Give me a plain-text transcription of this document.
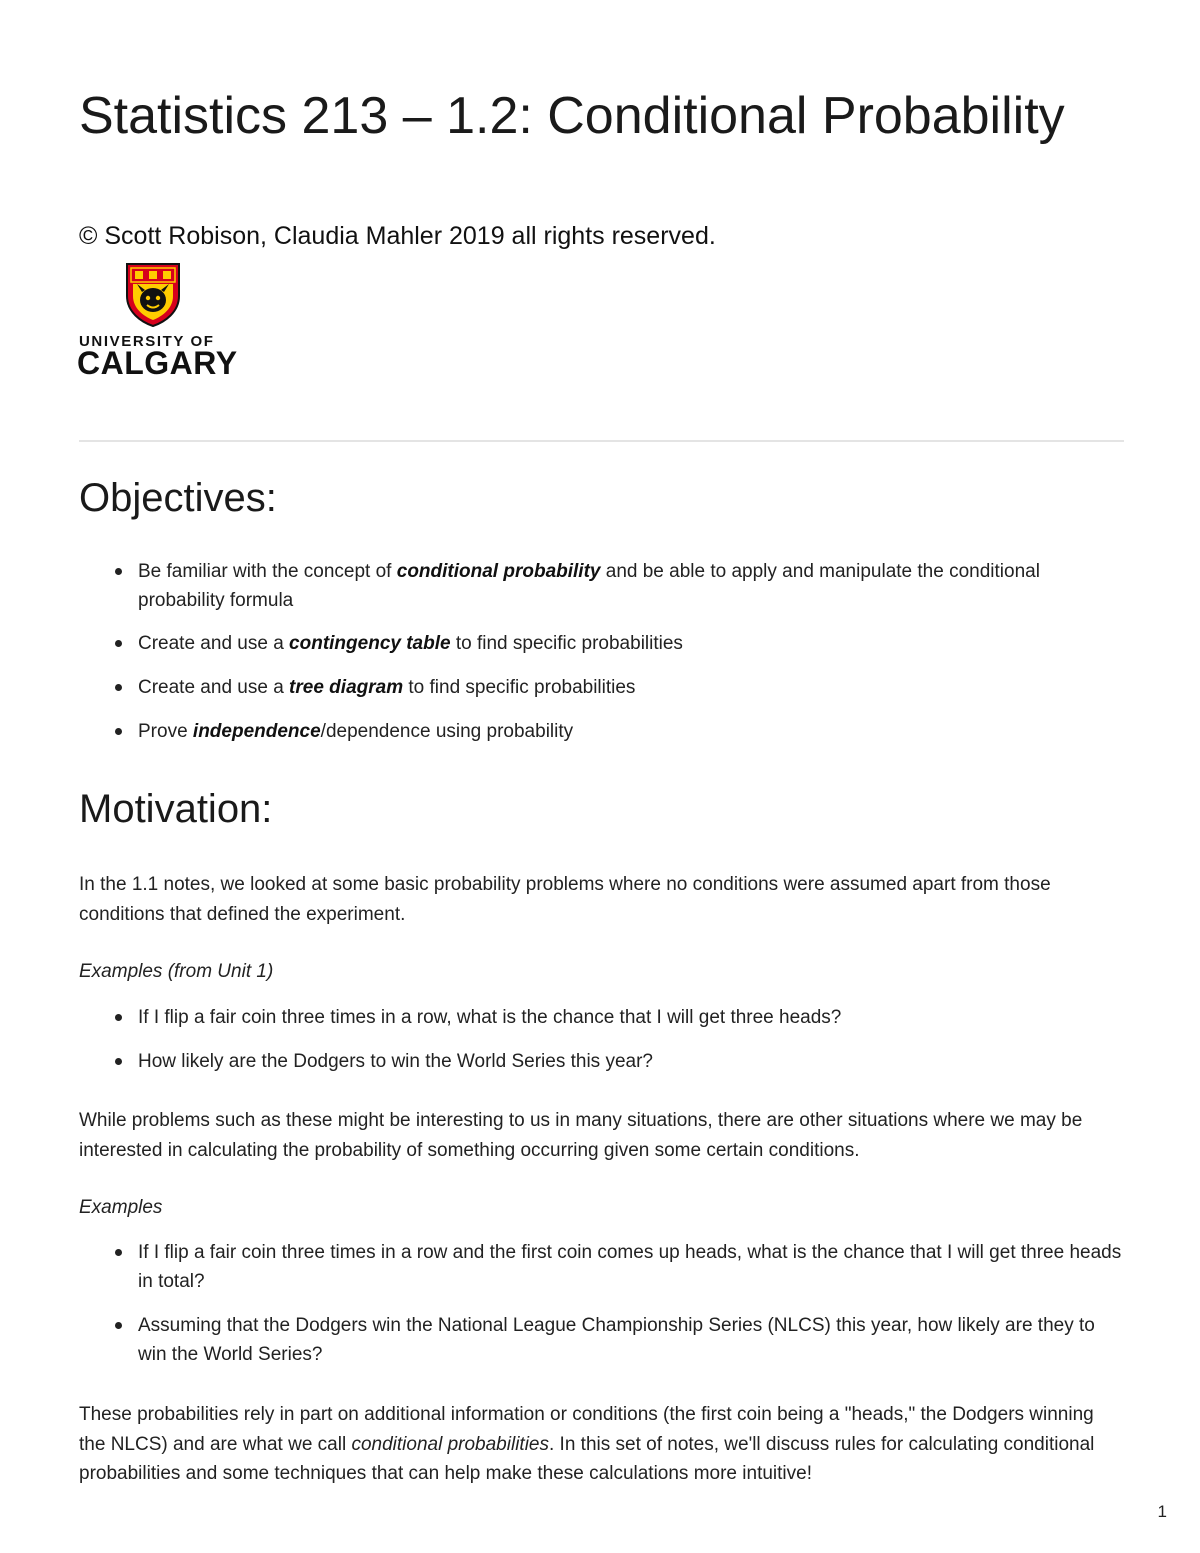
Statistics 213 – 1.2: Conditional Probability
© Scott Robison, Claudia Mahler 2019 all rights reserved.
UNIVERSITY OF
CALGARY
Objectives:
Be familiar with the concept of conditional probability and be able to apply and manipulate the conditional probability formula
Create and use a contingency table to find specific probabilities
Create and use a tree diagram to find specific probabilities
Prove independence/dependence using probability
Motivation:

In the 1.1 notes, we looked at some basic probability problems where no conditions were assumed apart from those conditions that defined the experiment.

Examples (from Unit 1)

If I flip a fair coin three times in a row, what is the chance that I will get three heads?
How likely are the Dodgers to win the World Series this year?

While problems such as these might be interesting to us in many situations, there are other situations where we may be interested in calculating the probability of something occurring given some certain conditions.

Examples

If I flip a fair coin three times in a row and the first coin comes up heads, what is the chance that I will get three heads in total?
Assuming that the Dodgers win the National League Championship Series (NLCS) this year, how likely are they to win the World Series?

These probabilities rely in part on additional information or conditions (the first coin being a "heads," the Dodgers winning the NLCS) and are what we call conditional probabilities. In this set of notes, we'll discuss rules for calculating conditional probabilities and some techniques that can help make these calculations more intuitive!

1
